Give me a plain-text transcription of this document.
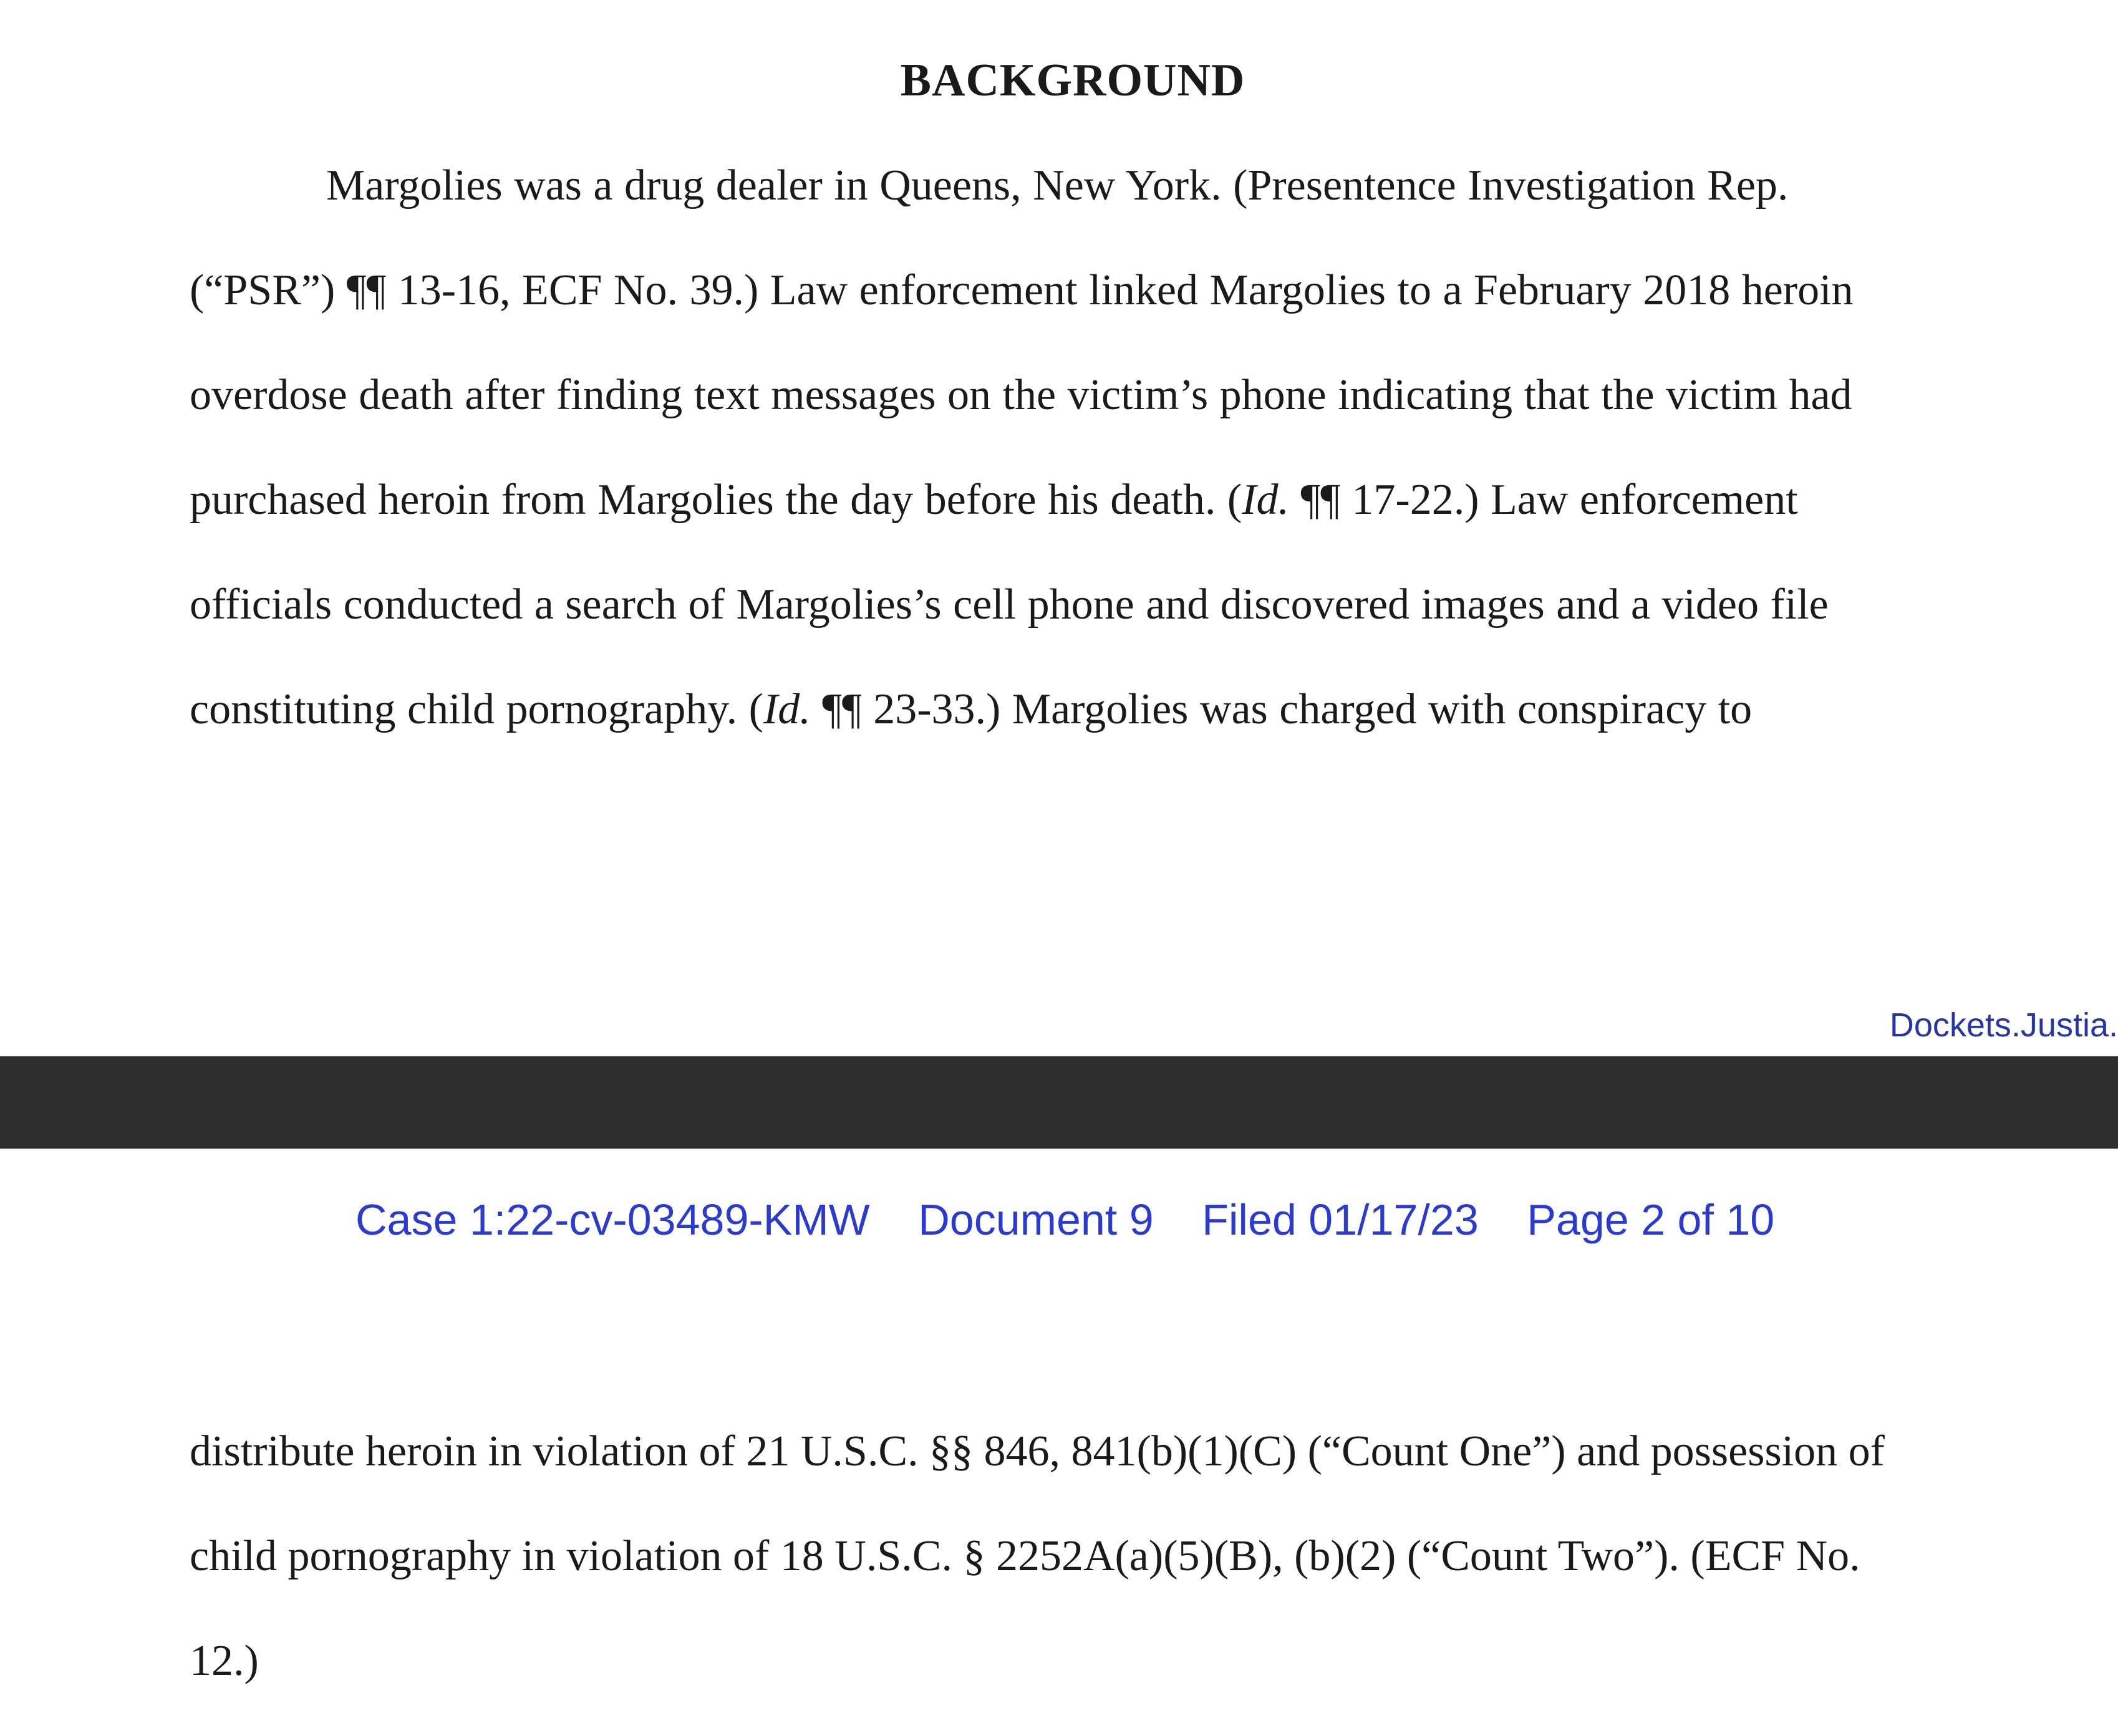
BACKGROUND
Margolies was a drug dealer in Queens, New York. (Presentence Investigation Rep.
(“PSR”) ¶¶ 13-16, ECF No. 39.) Law enforcement linked Margolies to a February 2018 heroin
overdose death after finding text messages on the victim’s phone indicating that the victim had
purchased heroin from Margolies the day before his death. (Id. ¶¶ 17-22.) Law enforcement
officials conducted a search of Margolies’s cell phone and discovered images and a video file
constituting child pornography. (Id. ¶¶ 23-33.) Margolies was charged with conspiracy to
Dockets.Justia.
Case 1:22-cv-03489-KMW Document 9 Filed 01/17/23 Page 2 of 10
distribute heroin in violation of 21 U.S.C. §§ 846, 841(b)(1)(C) (“Count One”) and possession of
child pornography in violation of 18 U.S.C. § 2252A(a)(5)(B), (b)(2) (“Count Two”). (ECF No.
12.)
